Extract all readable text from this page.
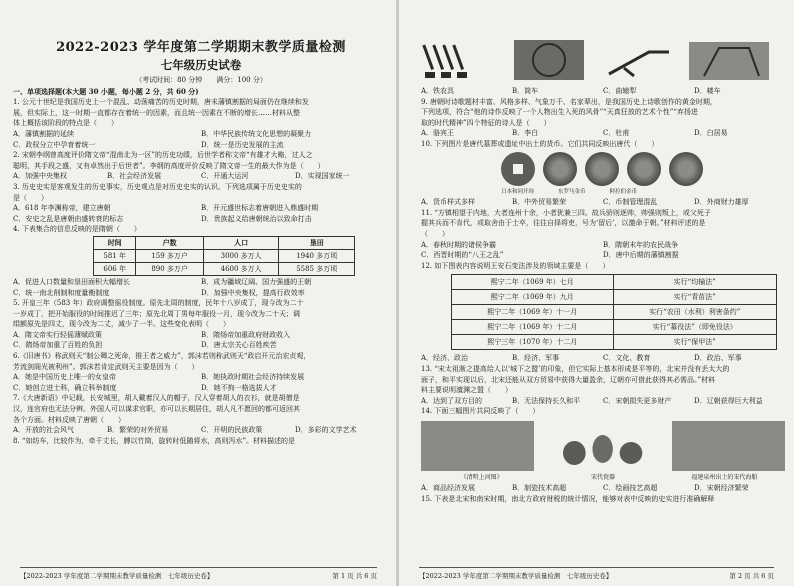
2022-2023 学年度第二学期期末教学质量检测
七年级历史试卷
（考试时间：80 分钟　　满分：100 分）

一、单项选择题(本大题 30 小题，每小题 2 分，共 60 分)

1. 公元十世纪是我国历史上一个混乱、动荡痛苦的历史时期，唐末藩镇割据的局面仍在继续和发

展，但实际上，这一时期一直都存在着统一的因素，而且统一因素在不断的增长……材料从整

体上概括该阶段的特点是（　　）

A．藩镇割据的延续	B．中华民族传统文化思想的凝聚力
C．政权分立中孕育着统一	D．统一是历史发展的主流

2. 宋朝李纲曾高度评价隋文帝“混南北为一区”的历史功绩，后世学者称文帝“有雄才大略，过人之

聪明，其手段之盛，又有卓然出于后世者”。李纲的高度评价反映了隋文帝一生的最大作为是（　　）

A．加强中央集权	B．社会经济发展	C．开通大运河	D．实现国家统一

3. 历史史实是客观发生的历史事实，历史观点是对历史史实的认识。下列选项属于历史史实的

是（　　）

A．618 年李渊称帝，建立唐朝	B．开元盛世标志着唐朝进入鼎盛时期
C．安史之乱是唐朝由盛转衰的标志	D．贵族起义给唐朝统治以致命打击

4. 下表集合的信息反映的是隋朝（　　）

时间	户数	人口	垦田
581 年	159 多万户	3000 多万人	1940 多万顷
606 年	890 多万户	4600 多万人	5585 多万顷
A．促进人口数量和垦田面积大幅增长	B．成为疆域辽阔、国力强盛的王朝
C．统一南北削制和度量衡制度	D．加强中央集权，提高行政效率

5. 开皇三年（583 年）政府调整徭役制度。原先北周的制度，民年十八岁成丁，现今改为二十

一岁成丁，把开始服役的时间推迟了三年；原先北周丁男每年服役一月，现今改为二十天；调

绢额原先是四丈，现今改为二丈，减少了一半。这些变化表明（　　）

A．隋文帝实行轻徭薄赋政策	B．隋炀帝加重政府财政收入
C．隋炀帝加重了百姓的负担	D．唐太宗关心百姓疾苦

6.《旧唐书》称武则天“制公卿之死命，推王者之威力”，郭沫若则称武则天“政启开元治宏贞观，

芳流剑阁光被利州”。郭沫若肯定武则天主要是因为（　　）

A．她是中国历史上唯一的女皇帝	B．她执政时期社会经济持续发展
C．她创立进士科，确立科举制度	D．她不拘一格选拔人才

7.《大唐新语》中记载，长安城里，胡人戴着汉人的帽子，汉人穿着胡人的衣衫，就是胡僧是

汉，连官府也无法分辨。外国人可以谋求官职，亦可以长期居住，胡人凡不愿回的都可返回其

各个方面。材料反映了唐朝（　　）

A．开放的社会风气	B．繁荣的对外贸易	C．开明的民族政策	D．多彩的文学艺术

8. “如纺车，比较作为，牵千丈长，膊以竹筒，旋转时低随将水，高则泻水”。材料描述的是

【2022-2023 学年度第二学期期末教学质量检测　七年级历史卷】	第 1 页 共 6 页
A．铁农具	B．筒车	C．曲辕犁	D．耧车

9. 唐朝时诗歌题材丰富、风格多样、气象万千、名家辈出，是我国历史上诗歌创作的黄金时期，

下列选项，符合“他的诗作反映了一个人物出生入死的风骨”“天真狂放的艺术个性”“弃扬进

取的时代精神”四个特征的诗人是（　　）

A．骆宾王	B．李白	C．杜甫	D．白居易

10. 下列图片是唐代墓葬或遗址中出土的货币。它们共同反映出唐代（　　）

日本和同开珎	东罗马金币	阿拉伯金币
A．货币样式多样	B．中外贸易繁荣	C．币制管理混乱	D．外商财力雄厚

11. “方镇相望于内地，大者连州十余，小者犹兼三四。故兵骄则逐帅，帅强则叛上，或父死子

握其兵而不肯代，或取舍由于士卒，往往自择将吏，号为‘留后’，以邀命于朝。”材料评述的是

（　　）

A．春秋时期的诸侯争霸	B．隋朝末年的农民战争
C．西晋时期的“八王之乱”	D．唐中后期的藩镇割据

12. 如下图表内容说明王安石变法涉及的领域主要是（　　）

熙宁二年（1069 年）七月	实行“均输法”
熙宁二年（1069 年）九月	实行“青苗法”
熙宁二年（1069 年）十一月	实行“农田（水利）利害条约”
熙宁二年（1069 年）十二月	实行“募役法”（即免役法）
熙宁三年（1070 年）十二月	实行“保甲法”
A．经济、政治	B．经济、军事	C．文化、教育	D．政治、军事

13. “宋太祖渐之提高给人以‘城下之盟’的印象，但它实际上基本形成是平等的，北宋并没有丢太大的

面子，和平实现以后，北宋还能从双方贸易中获得大量盈余，辽朝亦可借此获得其必需品。”材料

料主要说明澶渊之盟（　　）

A．达到了双方目的	B．无法保持长久和平	C．宋朝损失更多财产	D．辽朝获得巨大利益

14. 下面三幅图片共同反映了（　　）

《清明上河图》	宋代瓷器	福建泉州出土的宋代海船
A．商品经济发展	B．制瓷技术高超	C．绘画技艺高超	D．宋朝经济繁荣

15. 下表是北宋和南宋时期，南北方政府财税的统计情况，能够对表中反映的史实进行准确解释

【2022-2023 学年度第二学期期末教学质量检测　七年级历史卷】	第 2 页 共 6 页
